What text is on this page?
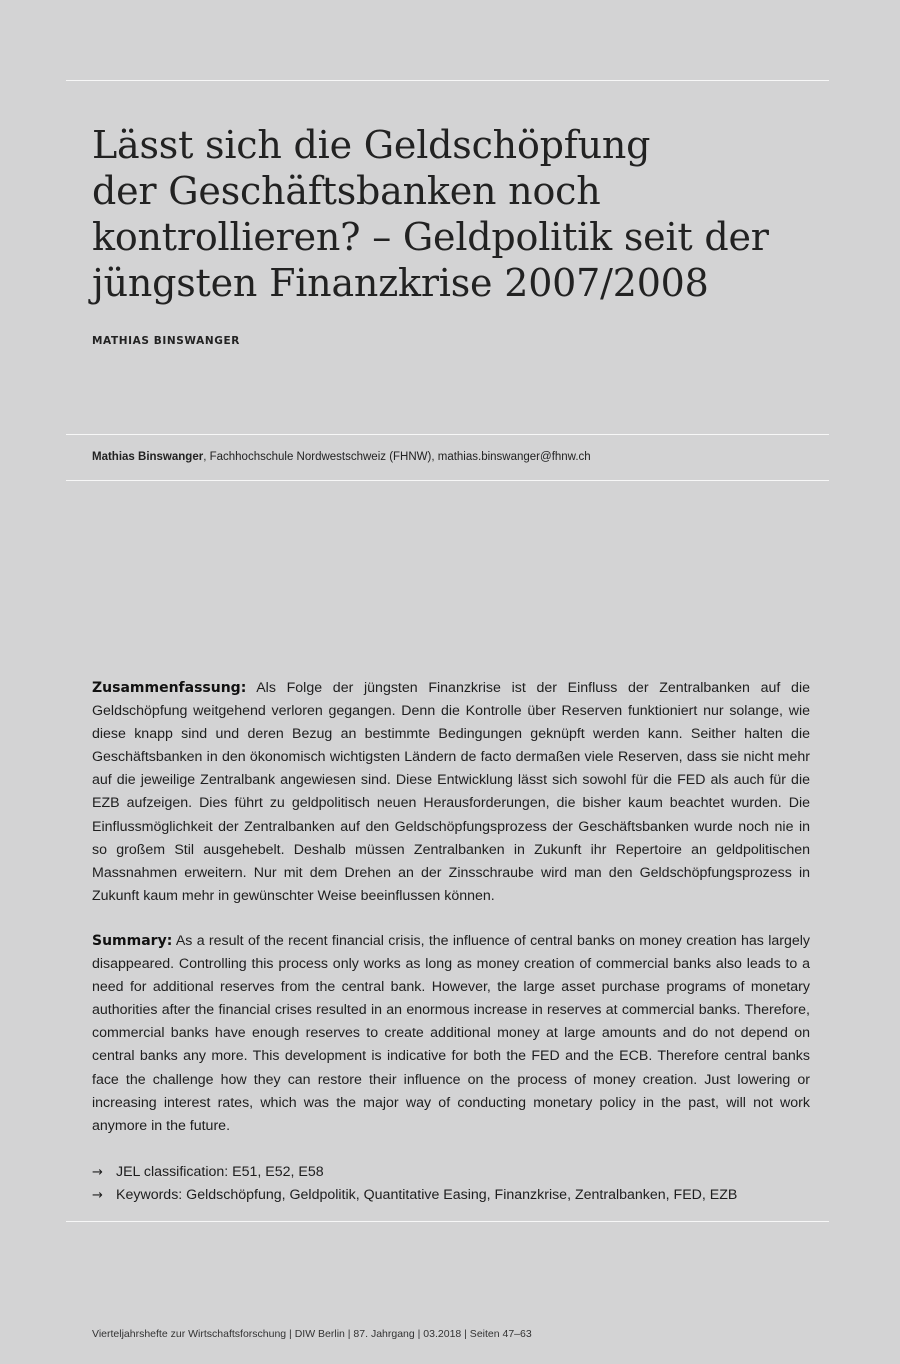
Lässt sich die Geldschöpfung
der Geschäftsbanken noch
kontrollieren? – Geldpolitik seit der
jüngsten Finanzkrise 2007/2008
MATHIAS BINSWANGER
Mathias Binswanger, Fachhochschule Nordwestschweiz (FHNW), mathias.binswanger@fhnw.ch

Zusammenfassung: Als Folge der jüngsten Finanzkrise ist der Einfluss der Zentralbanken auf die Geldschöpfung weitgehend verloren gegangen. Denn die Kontrolle über Reserven funktioniert nur solange, wie diese knapp sind und deren Bezug an bestimmte Bedingungen geknüpft werden kann. Seither halten die Geschäftsbanken in den ökonomisch wichtigsten Ländern de facto dermaßen viele Reserven, dass sie nicht mehr auf die jeweilige Zentralbank angewiesen sind. Diese Entwicklung lässt sich sowohl für die FED als auch für die EZB aufzeigen. Dies führt zu geldpolitisch neuen Herausforderungen, die bisher kaum beachtet wurden. Die Einflussmöglichkeit der Zentralbanken auf den Geldschöpfungsprozess der Geschäftsbanken wurde noch nie in so großem Stil ausgehebelt. Deshalb müssen Zentralbanken in Zukunft ihr Repertoire an geldpolitischen Massnahmen erweitern. Nur mit dem Drehen an der Zinsschraube wird man den Geldschöpfungsprozess in Zukunft kaum mehr in gewünschter Weise beeinflussen können.

Summary: As a result of the recent financial crisis, the influence of central banks on money creation has largely disappeared. Controlling this process only works as long as money creation of commercial banks also leads to a need for additional reserves from the central bank. However, the large asset purchase programs of monetary authorities after the financial crises resulted in an enormous increase in reserves at commercial banks. Therefore, commercial banks have enough reserves to create additional money at large amounts and do not depend on central banks any more. This development is indicative for both the FED and the ECB. Therefore central banks face the challenge how they can restore their influence on the process of money creation. Just lowering or increasing interest rates, which was the major way of conducting monetary policy in the past, will not work anymore in the future.

→ JEL classification: E51, E52, E58
→ Keywords: Geldschöpfung, Geldpolitik, Quantitative Easing, Finanzkrise, Zentralbanken, FED, EZB
Vierteljahrshefte zur Wirtschaftsforschung | DIW Berlin | 87. Jahrgang | 03.2018 | Seiten 47–63
